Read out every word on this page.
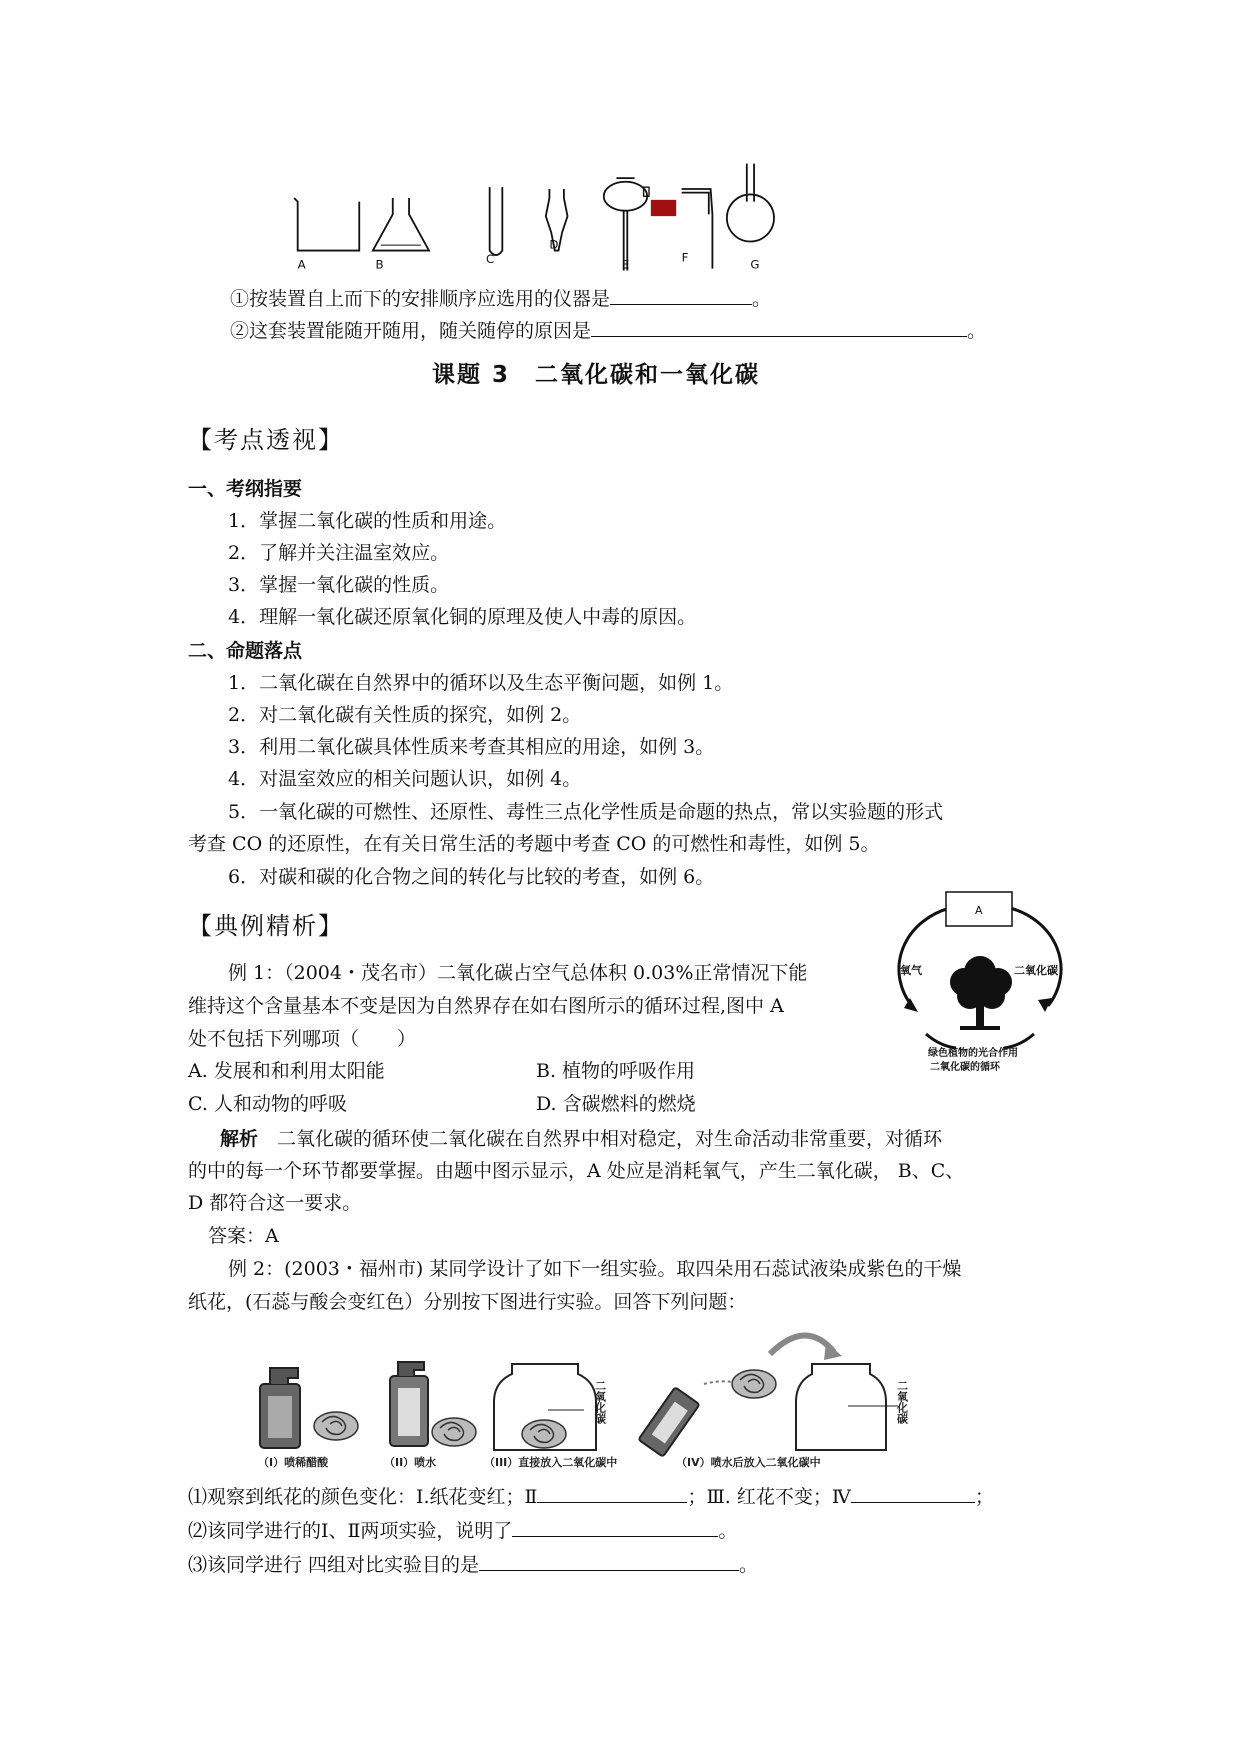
A	B	C
D
E
F
G
①按装置自上而下的安排顺序应选用的仪器是	。
②这套装置能随开随用，随关随停的原因是	。
课题 3　二氧化碳和一氧化碳
【考点透视】
一、考纲指要
1．掌握二氧化碳的性质和用途。
2．了解并关注温室效应。
3．掌握一氧化碳的性质。
4．理解一氧化碳还原氧化铜的原理及使人中毒的原因。
二、命题落点
1．二氧化碳在自然界中的循环以及生态平衡问题，如例 1。
2．对二氧化碳有关性质的探究，如例 2。
3．利用二氧化碳具体性质来考查其相应的用途，如例 3。
4．对温室效应的相关问题认识，如例 4。
5．一氧化碳的可燃性、还原性、毒性三点化学性质是命题的热点，常以实验题的形式
考查 CO 的还原性，在有关日常生活的考题中考查 CO 的可燃性和毒性，如例 5。
6．对碳和碳的化合物之间的转化与比较的考查，如例 6。
【典例精析】
例 1：（2004・茂名市）二氧化碳占空气总体积 0.03%正常情况下能
维持这个含量基本不变是因为自然界存在如右图所示的循环过程,图中 A
处不包括下列哪项（　　）
A. 发展和和利用太阳能	B. 植物的呼吸作用
C. 人和动物的呼吸	D. 含碳燃料的燃烧
A
氧气	二氧化碳
绿色植物的光合作用
二氧化碳的循环
解析　 二氧化碳的循环使二氧化碳在自然界中相对稳定，对生命活动非常重要，对循环
的中的每一个环节都要掌握。由题中图示显示，A 处应是消耗氧气，产生二氧化碳， B、C、
D 都符合这一要求。
答案：A
例 2：(2003・福州市) 某同学设计了如下一组实验。取四朵用石蕊试液染成紫色的干燥
纸花，(石蕊与酸会变红色）分别按下图进行实验。回答下列问题：
二氧化碳	二氧化碳
（I）喷稀醋酸	（II）喷水	（III）直接放入二氧化碳中	（IV）喷水后放入二氧化碳中
⑴观察到纸花的颜色变化：Ⅰ.纸花变红；Ⅱ	；Ⅲ. 红花不变；Ⅳ	；
⑵该同学进行的Ⅰ、Ⅱ两项实验，说明了	。
⑶该同学进行 四组对比实验目的是	。
